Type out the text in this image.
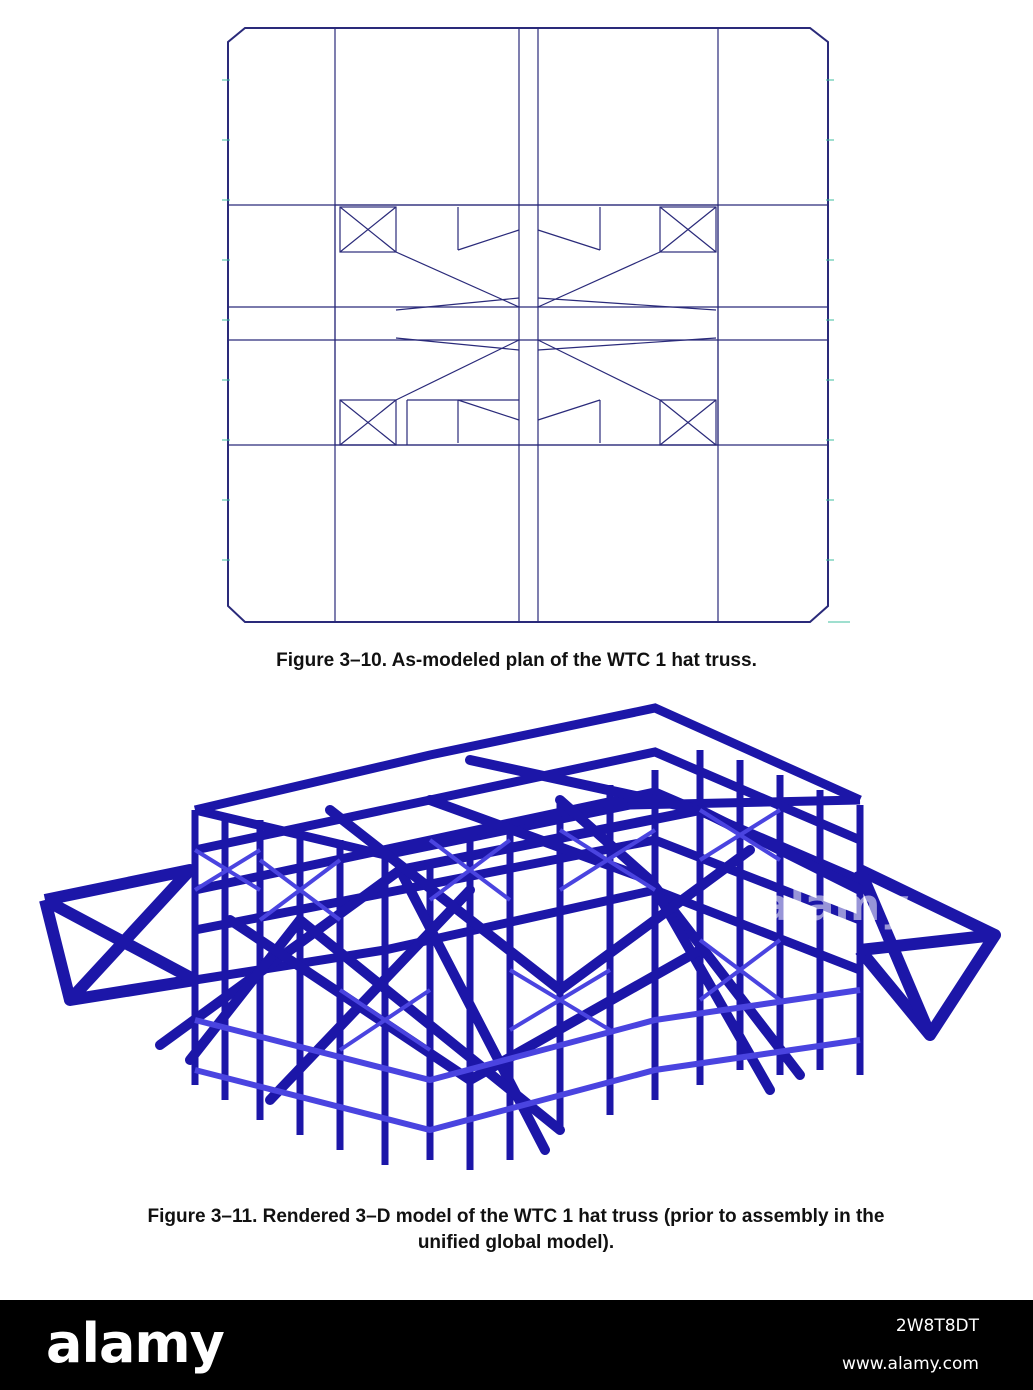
Figure 3–10. As-modeled plan of the WTC 1 hat truss.
alamy
Figure 3–11. Rendered 3–D model of the WTC 1 hat truss (prior to assembly in the
unified global model).
alamy	2W8T8DT
www.alamy.com
